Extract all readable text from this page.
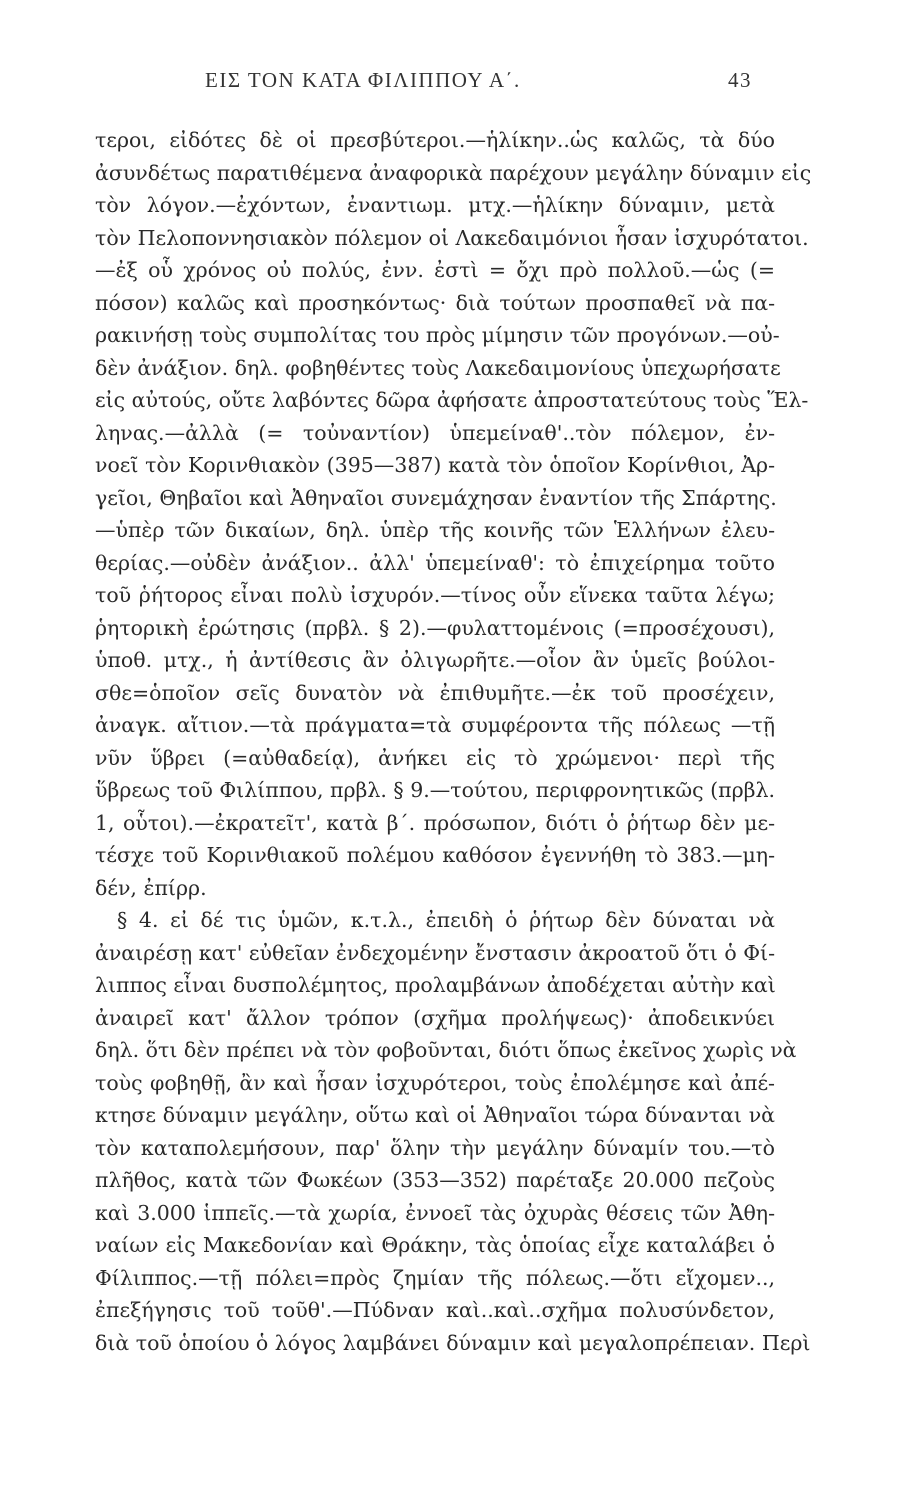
ΕΙΣ ΤΟΝ ΚΑΤΑ ΦΙΛΙΠΠΟΥ Α΄.	43
τεροι, εἰδότες δὲ οἱ πρεσβύτεροι.—ἡλίκην..ὡς καλῶς, τὰ δύο
ἀσυνδέτως παρατιθέμενα ἀναφορικὰ παρέχουν μεγάλην δύναμιν εἰς
τὸν λόγον.—ἐχόντων, ἐναντιωμ. μτχ.—ἡλίκην δύναμιν, μετὰ
τὸν Πελοποννησιακὸν πόλεμον οἱ Λακεδαιμόνιοι ἦσαν ἰσχυρότατοι.
—ἐξ οὗ χρόνος οὐ πολύς, ἐνν. ἐστὶ = ὄχι πρὸ πολλοῦ.—ὡς (=
πόσον) καλῶς καὶ προσηκόντως· διὰ τούτων προσπαθεῖ νὰ πα-
ρακινήσῃ τοὺς συμπολίτας του πρὸς μίμησιν τῶν προγόνων.—οὐ-
δὲν ἀνάξιον. δηλ. φοβηθέντες τοὺς Λακεδαιμονίους ὑπεχωρήσατε
εἰς αὐτούς, οὔτε λαβόντες δῶρα ἀφήσατε ἀπροστατεύτους τοὺς Ἕλ-
ληνας.—ἀλλὰ (= τοὐναντίον) ὑπεμείναθ'..τὸν πόλεμον, ἐν-
νοεῖ τὸν Κορινθιακὸν (395—387) κατὰ τὸν ὁποῖον Κορίνθιοι, Ἀρ-
γεῖοι, Θηβαῖοι καὶ Ἀθηναῖοι συνεμάχησαν ἐναντίον τῆς Σπάρτης.
—ὑπὲρ τῶν δικαίων, δηλ. ὑπὲρ τῆς κοινῆς τῶν Ἑλλήνων ἐλευ-
θερίας.—οὐδὲν ἀνάξιον.. ἀλλ' ὑπεμείναθ': τὸ ἐπιχείρημα τοῦτο
τοῦ ῥήτορος εἶναι πολὺ ἰσχυρόν.—τίνος οὖν εἵνεκα ταῦτα λέγω;
ῥητορικὴ ἐρώτησις (πρβλ. § 2).—φυλαττομένοις (=προσέχουσι),
ὑποθ. μτχ., ἡ ἀντίθεσις ἂν ὀλιγωρῆτε.—οἷον ἂν ὑμεῖς βούλοι-
σθε=ὁποῖον σεῖς δυνατὸν νὰ ἐπιθυμῆτε.—ἐκ τοῦ προσέχειν,
ἀναγκ. αἴτιον.—τὰ πράγματα=τὰ συμφέροντα τῆς πόλεως —τῇ
νῦν ὕβρει (=αὐθαδείᾳ), ἀνήκει εἰς τὸ χρώμενοι· περὶ τῆς
ὕβρεως τοῦ Φιλίππου, πρβλ. § 9.—τούτου, περιφρονητικῶς (πρβλ.
1, οὗτοι).—ἐκρατεῖτ', κατὰ β΄. πρόσωπον, διότι ὁ ῥήτωρ δὲν με-
τέσχε τοῦ Κορινθιακοῦ πολέμου καθόσον ἐγεννήθη τὸ 383.—μη-
δέν, ἐπίρρ.
§ 4. εἰ δέ τις ὑμῶν, κ.τ.λ., ἐπειδὴ ὁ ῥήτωρ δὲν δύναται νὰ
ἀναιρέσῃ κατ' εὐθεῖαν ἐνδεχομένην ἔνστασιν ἀκροατοῦ ὅτι ὁ Φί-
λιππος εἶναι δυσπολέμητος, προλαμβάνων ἀποδέχεται αὐτὴν καὶ
ἀναιρεῖ κατ' ἄλλον τρόπον (σχῆμα προλήψεως)· ἀποδεικνύει
δηλ. ὅτι δὲν πρέπει νὰ τὸν φοβοῦνται, διότι ὅπως ἐκεῖνος χωρὶς νὰ
τοὺς φοβηθῇ, ἂν καὶ ἦσαν ἰσχυρότεροι, τοὺς ἐπολέμησε καὶ ἀπέ-
κτησε δύναμιν μεγάλην, οὕτω καὶ οἱ Ἀθηναῖοι τώρα δύνανται νὰ
τὸν καταπολεμήσουν, παρ' ὅλην τὴν μεγάλην δύναμίν του.—τὸ
πλῆθος, κατὰ τῶν Φωκέων (353—352) παρέταξε 20.000 πεζοὺς
καὶ 3.000 ἱππεῖς.—τὰ χωρία, ἐννοεῖ τὰς ὀχυρὰς θέσεις τῶν Ἀθη-
ναίων εἰς Μακεδονίαν καὶ Θράκην, τὰς ὁποίας εἶχε καταλάβει ὁ
Φίλιππος.—τῇ πόλει=πρὸς ζημίαν τῆς πόλεως.—ὅτι εἴχομεν..,
ἐπεξήγησις τοῦ τοῦθ'.—Πύδναν καὶ..καὶ..σχῆμα πολυσύνδετον,
διὰ τοῦ ὁποίου ὁ λόγος λαμβάνει δύναμιν καὶ μεγαλοπρέπειαν. Περὶ
